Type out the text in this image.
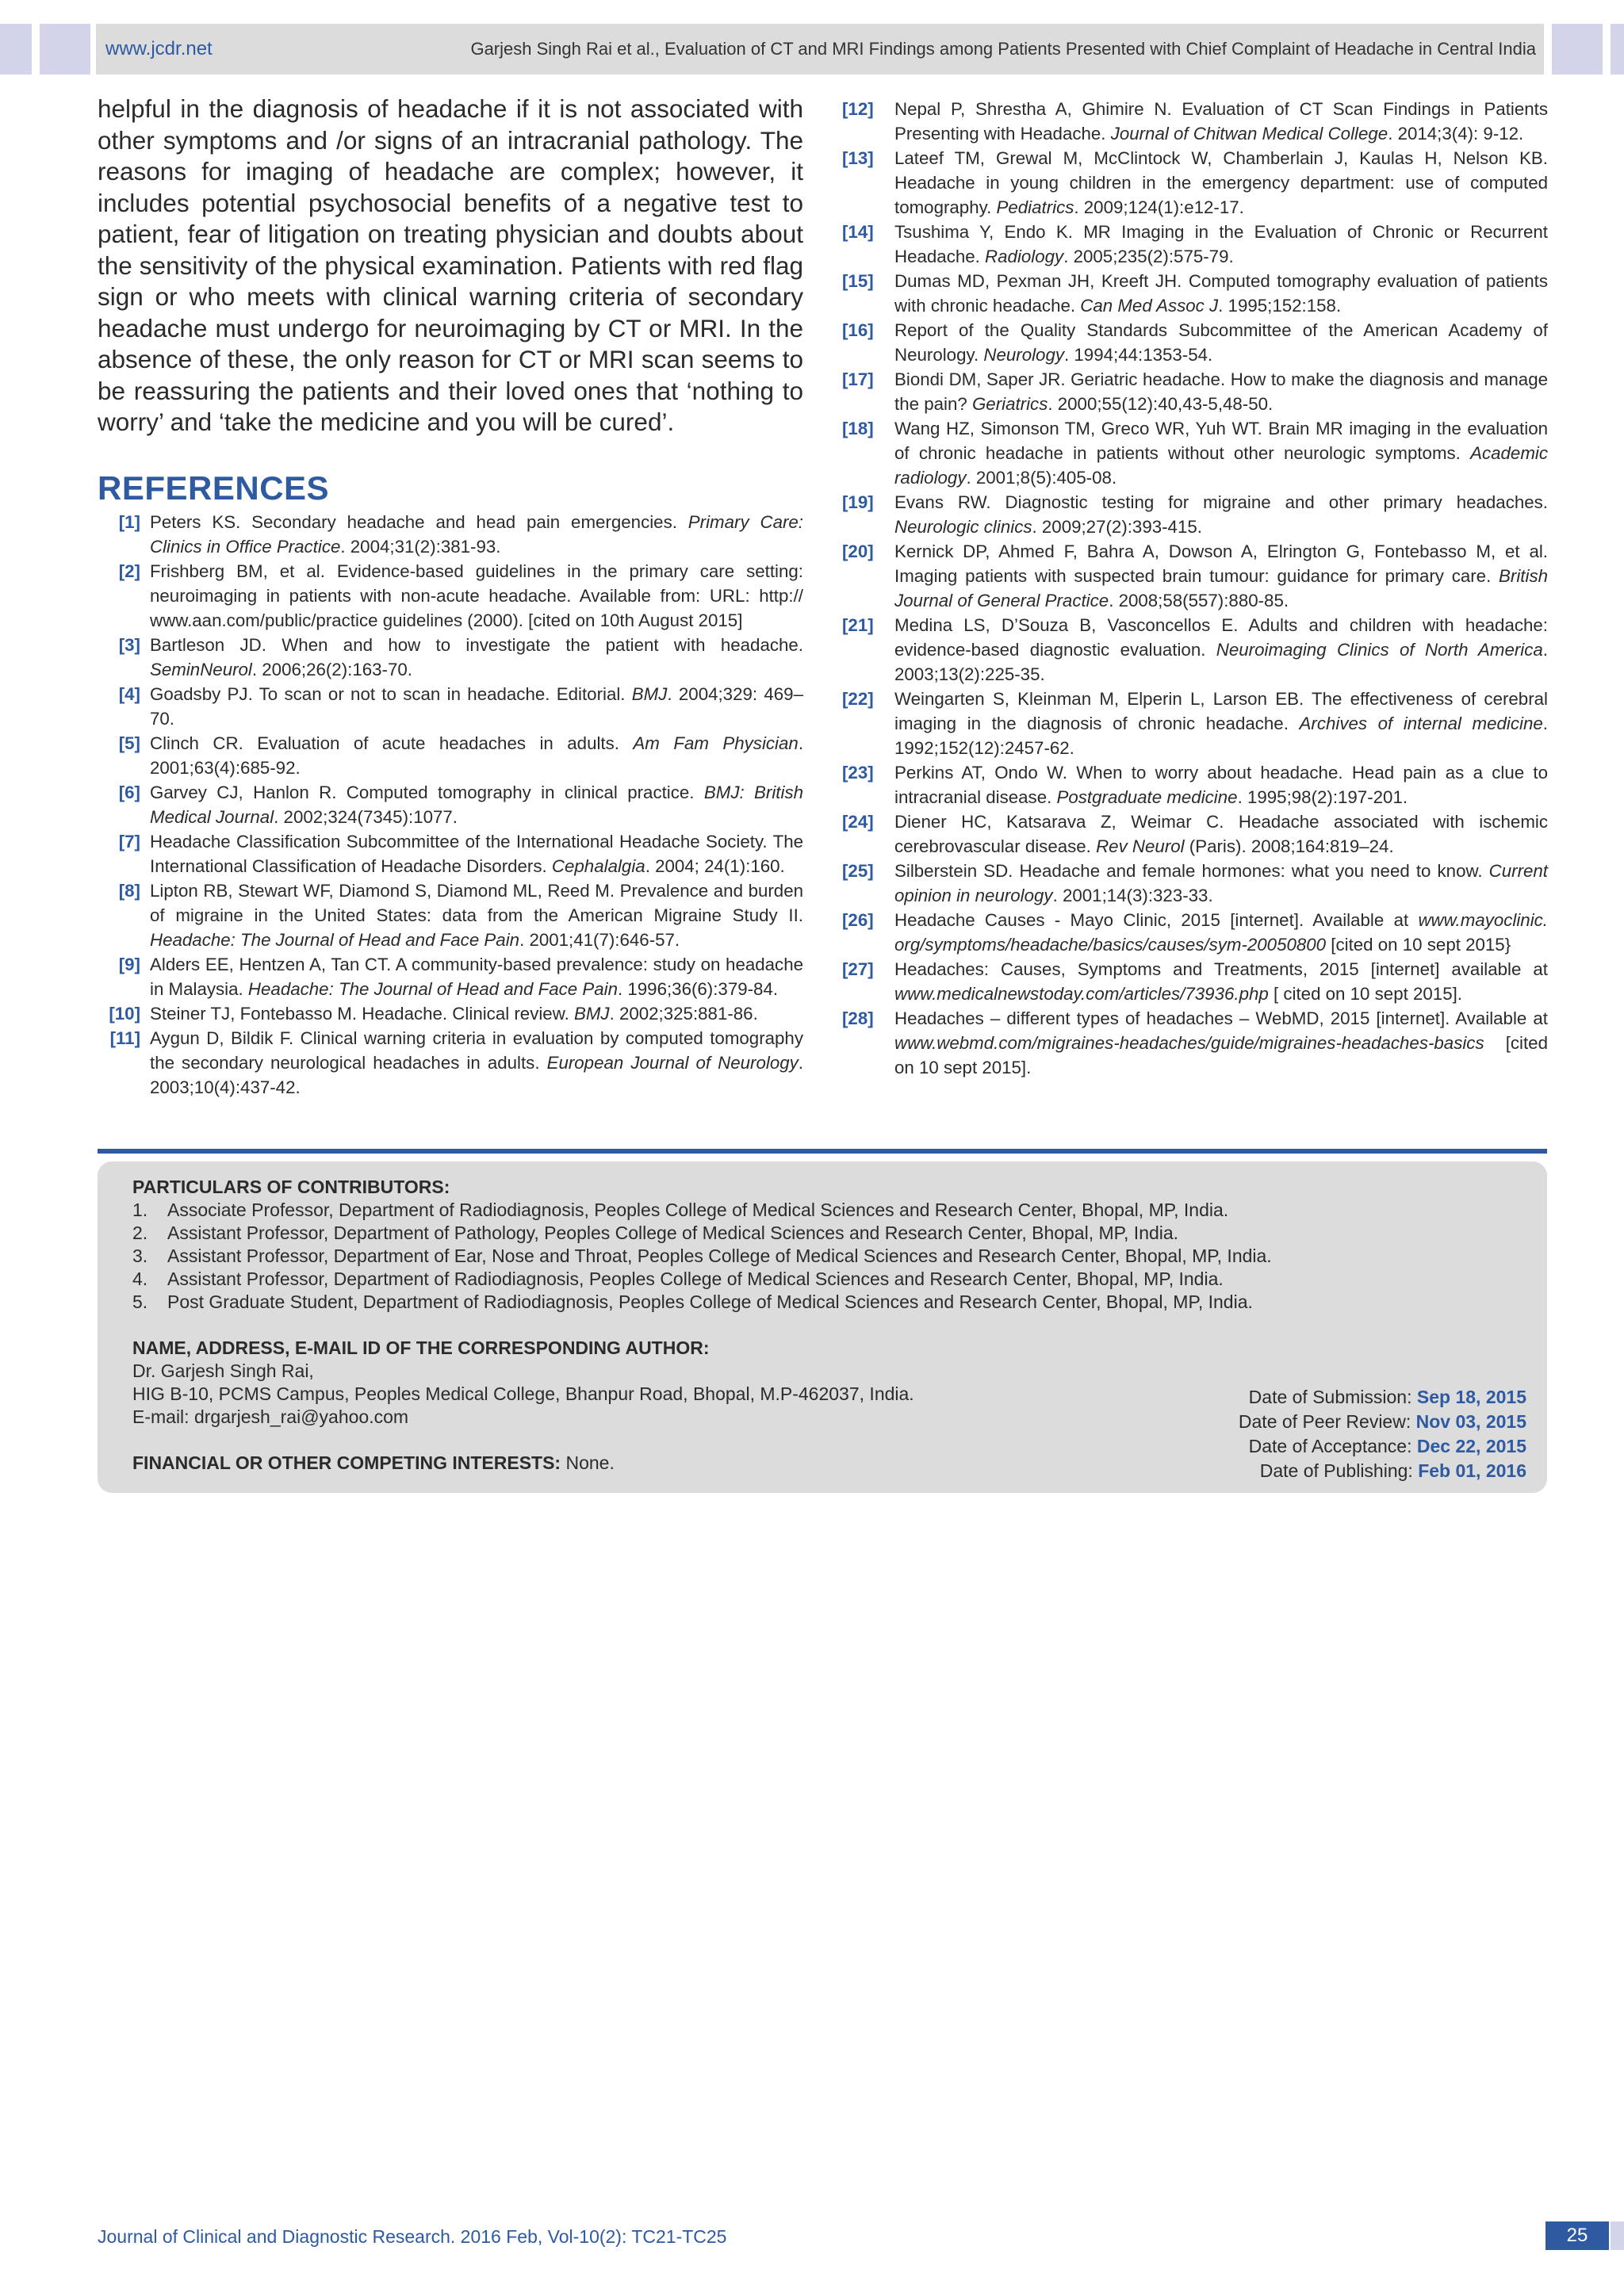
www.jcdr.net	Garjesh Singh Rai et al., Evaluation of CT and MRI Findings among Patients Presented with Chief Complaint of Headache in Central India

helpful in the diagnosis of headache if it is not associated with other symptoms and /or signs of an intracranial pathology. The reasons for imaging of headache are complex; however, it includes potential psychosocial benefits of a negative test to patient, fear of litigation on treating physician and doubts about the sensitivity of the physical examination. Patients with red flag sign or who meets with clinical warning criteria of secondary headache must undergo for neuroimaging by CT or MRI. In the absence of these, the only reason for CT or MRI scan seems to be reassuring the patients and their loved ones that ‘nothing to worry’ and ‘take the medicine and you will be cured’.

REFERENCES
[1] Peters KS. Secondary headache and head pain emergencies. Primary Care: Clinics in Office Practice. 2004;31(2):381-93.
[2] Frishberg BM, et al. Evidence-based guidelines in the primary care setting: neuroimaging in patients with non-acute headache. Available from: URL: http:// www.aan.com/public/practice guidelines (2000). [cited on 10th August 2015]
[3] Bartleson JD. When and how to investigate the patient with headache. SeminNeurol. 2006;26(2):163-70.
[4] Goadsby PJ. To scan or not to scan in headache. Editorial. BMJ. 2004;329: 469–70.
[5] Clinch CR. Evaluation of acute headaches in adults. Am Fam Physician. 2001;63(4):685-92.
[6] Garvey CJ, Hanlon R. Computed tomography in clinical practice. BMJ: British Medical Journal. 2002;324(7345):1077.
[7] Headache Classification Subcommittee of the International Headache Society. The International Classification of Headache Disorders. Cephalalgia. 2004; 24(1):160.
[8] Lipton RB, Stewart WF, Diamond S, Diamond ML, Reed M. Prevalence and burden of migraine in the United States: data from the American Migraine Study II. Headache: The Journal of Head and Face Pain. 2001;41(7):646-57.
[9] Alders EE, Hentzen A, Tan CT. A community-based prevalence: study on headache in Malaysia. Headache: The Journal of Head and Face Pain. 1996;36(6):379-84.
[10] Steiner TJ, Fontebasso M. Headache. Clinical review. BMJ. 2002;325:881-86.
[11] Aygun D, Bildik F. Clinical warning criteria in evaluation by computed tomography the secondary neurological headaches in adults. European Journal of Neurology. 2003;10(4):437-42.
[12]	Nepal P, Shrestha A, Ghimire N. Evaluation of CT Scan Findings in Patients Presenting with Headache. Journal of Chitwan Medical College. 2014;3(4): 9-12.
[13]	Lateef TM, Grewal M, McClintock W, Chamberlain J, Kaulas H, Nelson KB. Headache in young children in the emergency department: use of computed tomography. Pediatrics. 2009;124(1):e12-17.
[14]	Tsushima Y, Endo K. MR Imaging in the Evaluation of Chronic or Recurrent Headache. Radiology. 2005;235(2):575-79.
[15]	Dumas MD, Pexman JH, Kreeft JH. Computed tomography evaluation of patients with chronic headache. Can Med Assoc J. 1995;152:158.
[16]	Report of the Quality Standards Subcommittee of the American Academy of Neurology. Neurology. 1994;44:1353-54.
[17]	Biondi DM, Saper JR. Geriatric headache. How to make the diagnosis and manage the pain? Geriatrics. 2000;55(12):40,43-5,48-50.
[18]	Wang HZ, Simonson TM, Greco WR, Yuh WT. Brain MR imaging in the evaluation of chronic headache in patients without other neurologic symptoms. Academic radiology. 2001;8(5):405-08.
[19]	Evans RW. Diagnostic testing for migraine and other primary headaches. Neurologic clinics. 2009;27(2):393-415.
[20]	Kernick DP, Ahmed F, Bahra A, Dowson A, Elrington G, Fontebasso M, et al. Imaging patients with suspected brain tumour: guidance for primary care. British Journal of General Practice. 2008;58(557):880-85.
[21]	Medina LS, D’Souza B, Vasconcellos E. Adults and children with headache: evidence-based diagnostic evaluation. Neuroimaging Clinics of North America. 2003;13(2):225-35.
[22]	Weingarten S, Kleinman M, Elperin L, Larson EB. The effectiveness of cerebral imaging in the diagnosis of chronic headache. Archives of internal medicine. 1992;152(12):2457-62.
[23]	Perkins AT, Ondo W. When to worry about headache. Head pain as a clue to intracranial disease. Postgraduate medicine. 1995;98(2):197-201.
[24]	Diener HC, Katsarava Z, Weimar C. Headache associated with ischemic cerebrovascular disease. Rev Neurol (Paris). 2008;164:819–24.
[25]	Silberstein SD. Headache and female hormones: what you need to know. Current opinion in neurology. 2001;14(3):323-33.
[26]	Headache Causes - Mayo Clinic, 2015 [internet]. Available at www.mayoclinic. org/symptoms/headache/basics/causes/sym-20050800 [cited on 10 sept 2015}
[27]	Headaches: Causes, Symptoms and Treatments, 2015 [internet] available at www.medicalnewstoday.com/articles/73936.php [ cited on 10 sept 2015].
[28]	Headaches – different types of headaches – WebMD, 2015 [internet]. Available at www.webmd.com/migraines-headaches/guide/migraines-headaches-basics [cited on 10 sept 2015].
PARTICULARS OF CONTRIBUTORS:
1.	Associate Professor, Department of Radiodiagnosis, Peoples College of Medical Sciences and Research Center, Bhopal, MP, India.
2.	Assistant Professor, Department of Pathology, Peoples College of Medical Sciences and Research Center, Bhopal, MP, India.
3.	Assistant Professor, Department of Ear, Nose and Throat, Peoples College of Medical Sciences and Research Center, Bhopal, MP, India.
4.	Assistant Professor, Department of Radiodiagnosis, Peoples College of Medical Sciences and Research Center, Bhopal, MP, India.
5.	Post Graduate Student, Department of Radiodiagnosis, Peoples College of Medical Sciences and Research Center, Bhopal, MP, India.
NAME, ADDRESS, E-MAIL ID OF THE CORRESPONDING AUTHOR:
Dr. Garjesh Singh Rai,
HIG B-10, PCMS Campus, Peoples Medical College, Bhanpur Road, Bhopal, M.P-462037, India.
E-mail: drgarjesh_rai@yahoo.com
FINANCIAL OR OTHER COMPETING INTERESTS: None.
Date of Submission: Sep 18, 2015
Date of Peer Review: Nov 03, 2015
Date of Acceptance: Dec 22, 2015
Date of Publishing: Feb 01, 2016
Journal of Clinical and Diagnostic Research. 2016 Feb, Vol-10(2): TC21-TC25	25
